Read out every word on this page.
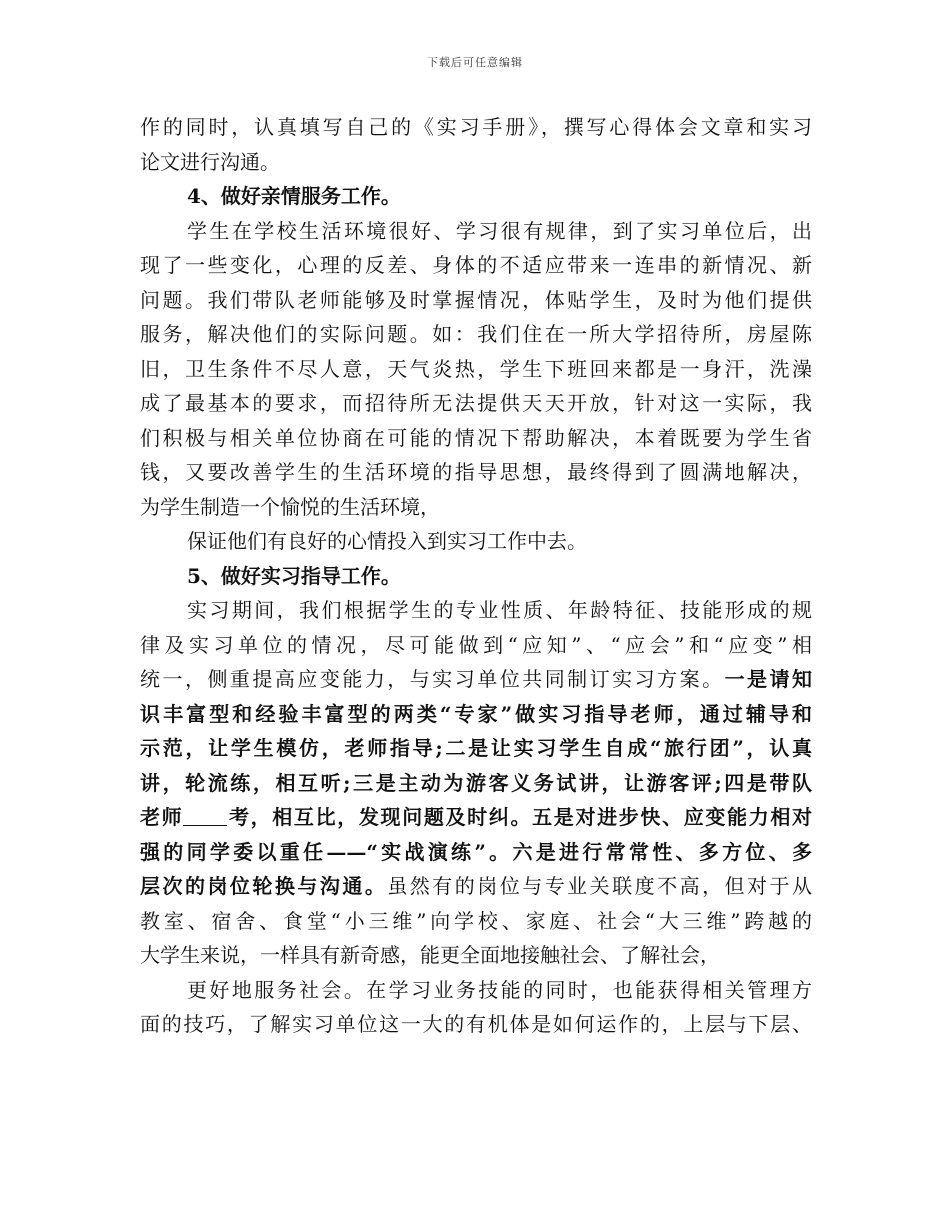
下载后可任意编辑
作的同时，认真填写自己的《实习手册》，撰写心得体会文章和实习
论文进行沟通。
4、做好亲情服务工作。
学生在学校生活环境很好、学习很有规律，到了实习单位后，出
现了一些变化，心理的反差、身体的不适应带来一连串的新情况、新
问题。我们带队老师能够及时掌握情况，体贴学生，及时为他们提供
服务，解决他们的实际问题。如：我们住在一所大学招待所，房屋陈
旧，卫生条件不尽人意，天气炎热，学生下班回来都是一身汗，洗澡
成了最基本的要求，而招待所无法提供天天开放，针对这一实际，我
们积极与相关单位协商在可能的情况下帮助解决，本着既要为学生省
钱，又要改善学生的生活环境的指导思想，最终得到了圆满地解决，
为学生制造一个愉悦的生活环境，
保证他们有良好的心情投入到实习工作中去。
5、做好实习指导工作。
实习期间，我们根据学生的专业性质、年龄特征、技能形成的规
律及实习单位的情况，尽可能做到“应知”、“应会”和“应变”相
统一，侧重提高应变能力，与实习单位共同制订实习方案。一是请知
识丰富型和经验丰富型的两类“专家”做实习指导老师，通过辅导和
示范，让学生模仿，老师指导;二是让实习学生自成“旅行团”，认真
讲，轮流练，相互听;三是主动为游客义务试讲，让游客评;四是带队
老师 考，相互比，发现问题及时纠。五是对进步快、应变能力相对
强的同学委以重任——“实战演练”。六是进行常常性、多方位、多
层次的岗位轮换与沟通。虽然有的岗位与专业关联度不高，但对于从
教室、宿舍、食堂“小三维”向学校、家庭、社会“大三维”跨越的
大学生来说，一样具有新奇感，能更全面地接触社会、了解社会，
更好地服务社会。在学习业务技能的同时，也能获得相关管理方
面的技巧，了解实习单位这一大的有机体是如何运作的，上层与下层、
